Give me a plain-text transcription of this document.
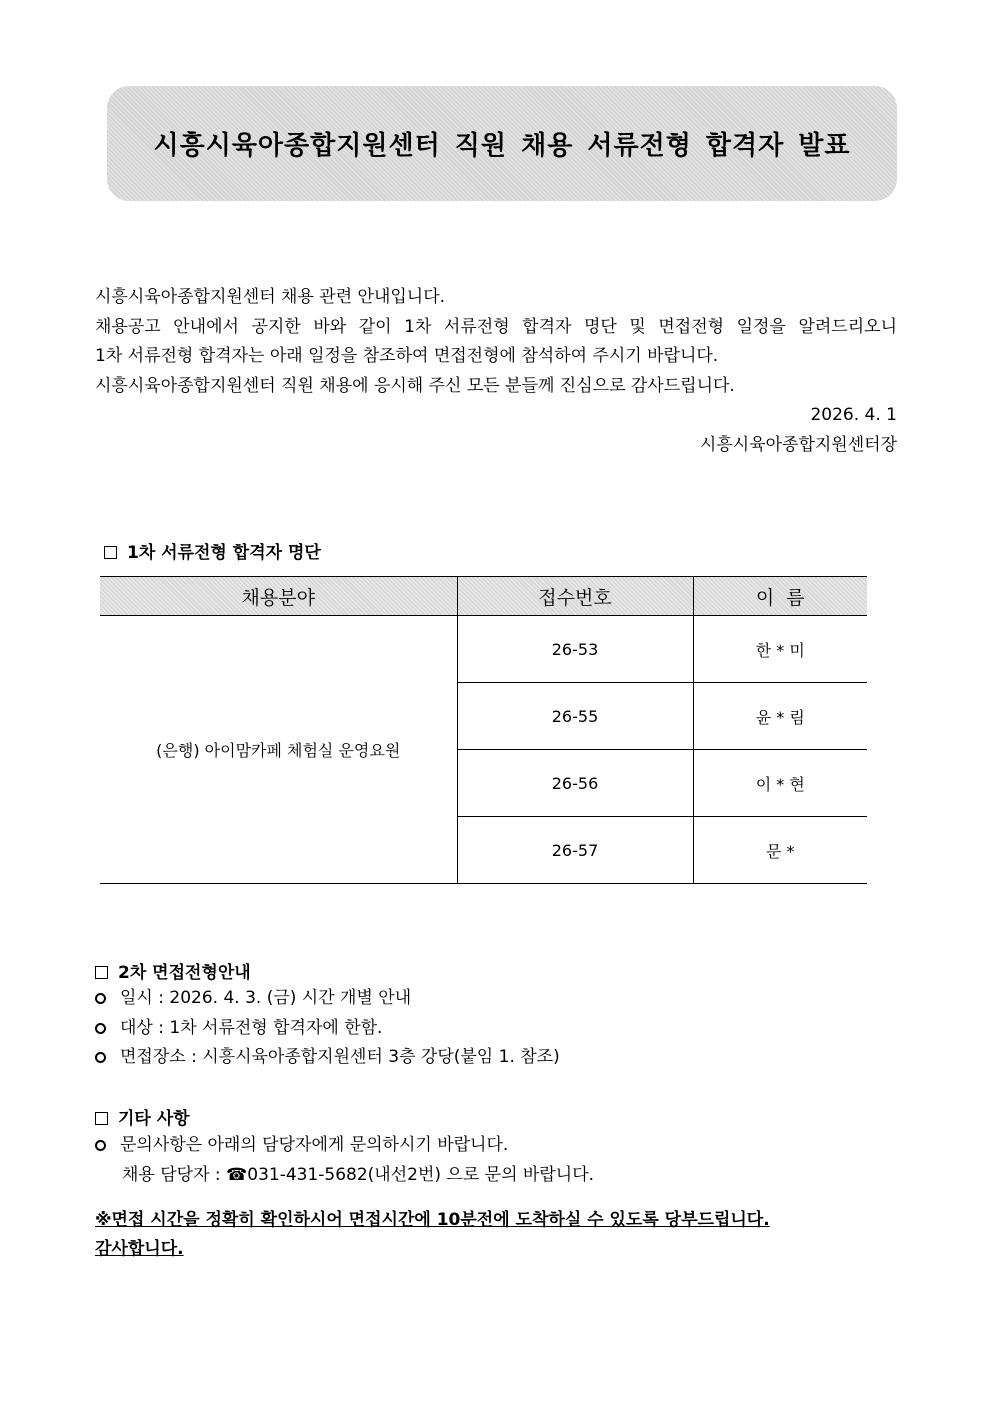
시흥시육아종합지원센터 직원 채용 서류전형 합격자 발표
시흥시육아종합지원센터 채용 관련 안내입니다.
채용공고 안내에서 공지한 바와 같이 1차 서류전형 합격자 명단 및 면접전형 일정을 알려드리오니
1차 서류전형 합격자는 아래 일정을 참조하여 면접전형에 참석하여 주시기 바랍니다.
시흥시육아종합지원센터 직원 채용에 응시해 주신 모든 분들께 진심으로 감사드립니다.
2026. 4. 1
시흥시육아종합지원센터장
1차 서류전형 합격자 명단
채용분야	접수번호	이  름
(은행) 아이맘카페 체험실 운영요원	26-53	한 * 미
	26-55	윤 * 림
	26-56	이 * 현
	26-57	문 *
2차 면접전형안내
일시 : 2026. 4. 3. (금) 시간 개별 안내
대상 : 1차 서류전형 합격자에 한함.
면접장소 : 시흥시육아종합지원센터 3층 강당(붙임 1. 참조)
기타 사항
문의사항은 아래의 담당자에게 문의하시기 바랍니다.
채용 담당자 : ☎031-431-5682(내선2번) 으로 문의 바랍니다.
※면접 시간을 정확히 확인하시어 면접시간에 10분전에 도착하실 수 있도록 당부드립니다.
감사합니다.
